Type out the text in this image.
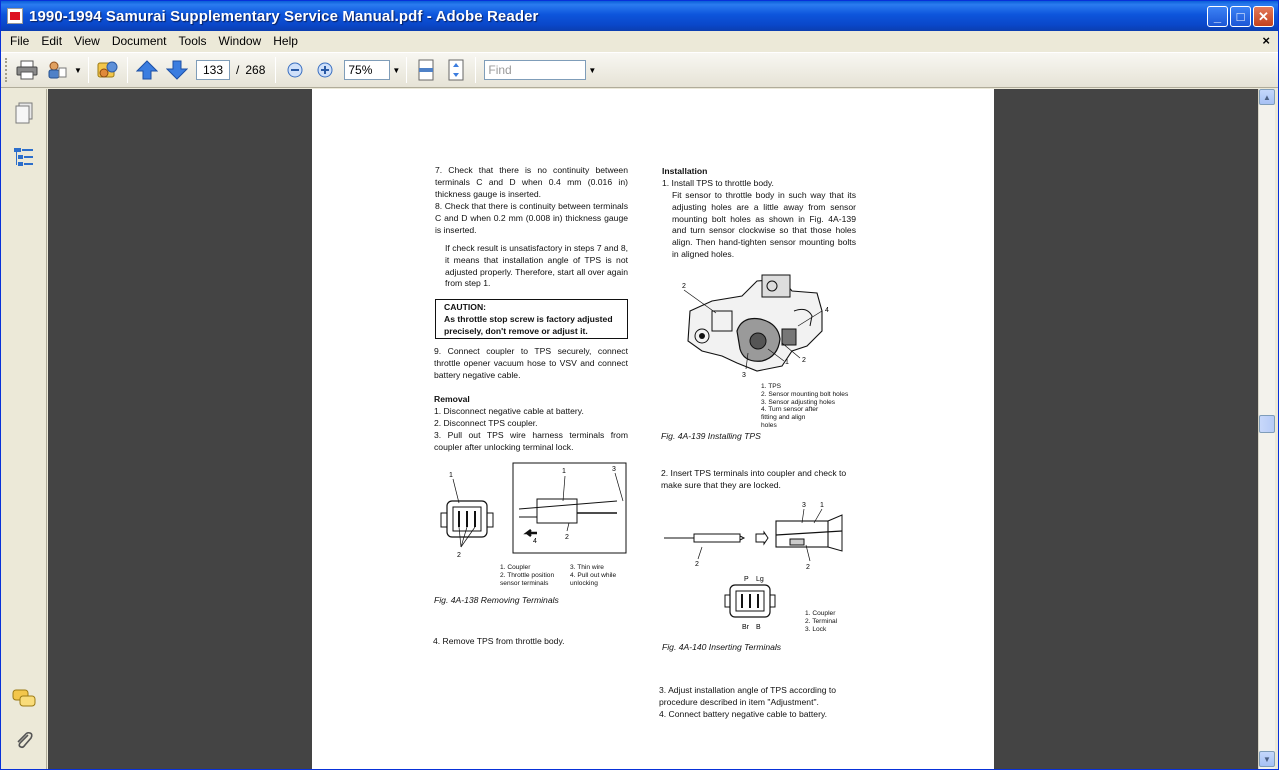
1990-1994 Samurai Supplementary Service Manual.pdf - Adobe Reader	_	□	✕
File	Edit	View	Document	Tools	Window	Help	×
▼	133	/ 268	75%	▼	Find	▼
7. Check that there is no continuity between terminals C and D when 0.4 mm (0.016 in) thickness gauge is inserted.
8. Check that there is continuity between terminals C and D when 0.2 mm (0.008 in) thickness gauge is inserted.
If check result is unsatisfactory in steps 7 and 8, it means that installation angle of TPS is not adjusted properly. Therefore, start all over again from step 1.
CAUTION:
As throttle stop screw is factory adjusted precisely, don't remove or adjust it.
9. Connect coupler to TPS securely, connect throttle opener vacuum hose to VSV and connect battery negative cable.
Removal
1. Disconnect negative cable at battery.
2. Disconnect TPS coupler.
3. Pull out TPS wire harness terminals from coupler after unlocking terminal lock.
1
2
1	3
2
4
1. Coupler
2. Throttle position
sensor terminals
3. Thin wire
4. Pull out while
unlocking
Fig. 4A-138 Removing Terminals
4. Remove TPS from throttle body.
Installation
1. Install TPS to throttle body.
Fit sensor to throttle body in such way that its adjusting holes are a little away from sensor mounting bolt holes as shown in Fig. 4A-139 and turn sensor clockwise so that those holes align. Then hand-tighten sensor mounting bolts in aligned holes.
2
4
2
1
3
1. TPS
2. Sensor mounting bolt holes
3. Sensor adjusting holes
4. Turn sensor after
fitting and align
holes
Fig. 4A-139 Installing TPS
2. Insert TPS terminals into coupler and check to make sure that they are locked.
2
3 1
2
P Lg
Br B
1. Coupler
2. Terminal
3. Lock
Fig. 4A-140 Inserting Terminals
3. Adjust installation angle of TPS according to procedure described in item "Adjustment".
4. Connect battery negative cable to battery.
▲
▼
